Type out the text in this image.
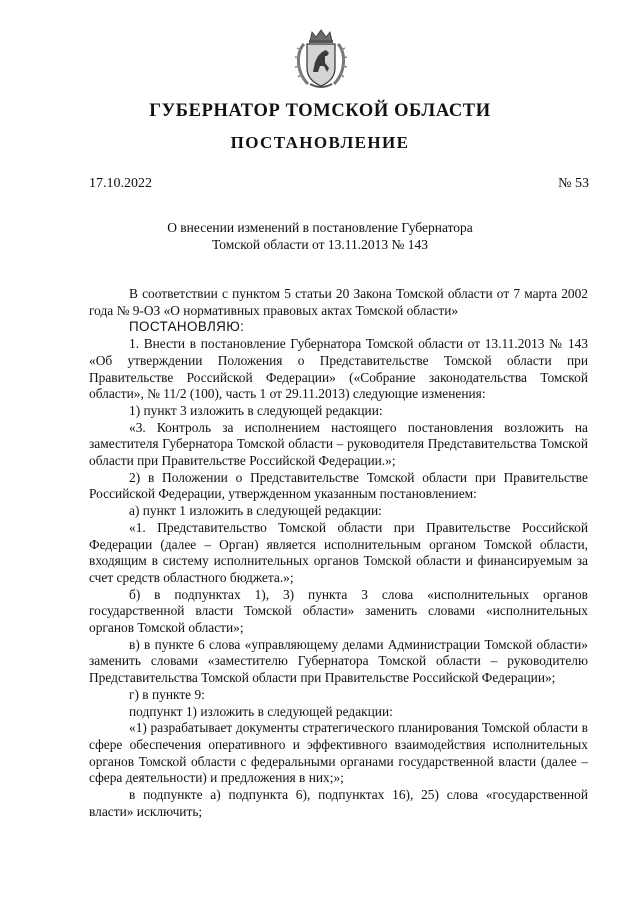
ГУБЕРНАТОР ТОМСКОЙ ОБЛАСТИ
ПОСТАНОВЛЕНИЕ
17.10.2022	№ 53
О внесении изменений в постановление Губернатора
Томской области от 13.11.2013 № 143

В соответствии с пунктом 5 статьи 20 Закона Томской области от 7 марта 2002 года № 9-ОЗ «О нормативных правовых актах Томской области»

ПОСТАНОВЛЯЮ:

1. Внести в постановление Губернатора Томской области от 13.11.2013 № 143 «Об утверждении Положения о Представительстве Томской области при Правительстве Российской Федерации» («Собрание законодательства Томской области», № 11/2 (100), часть 1 от 29.11.2013) следующие изменения:

1) пункт 3 изложить в следующей редакции:

«3. Контроль за исполнением настоящего постановления возложить на заместителя Губернатора Томской области – руководителя Представительства Томской области при Правительстве Российской Федерации.»;

2) в Положении о Представительстве Томской области при Правительстве Российской Федерации, утвержденном указанным постановлением:

а) пункт 1 изложить в следующей редакции:

«1. Представительство Томской области при Правительстве Российской Федерации (далее – Орган) является исполнительным органом Томской области, входящим в систему исполнительных органов Томской области и финансируемым за счет средств областного бюджета.»;

б) в подпунктах 1), 3) пункта 3 слова «исполнительных органов государственной власти Томской области» заменить словами «исполнительных органов Томской области»;

в) в пункте 6 слова «управляющему делами Администрации Томской области» заменить словами «заместителю Губернатора Томской области – руководителю Представительства Томской области при Правительстве Российской Федерации»;

г) в пункте 9:

подпункт 1) изложить в следующей редакции:

«1) разрабатывает документы стратегического планирования Томской области в сфере обеспечения оперативного и эффективного взаимодействия исполнительных органов Томской области с федеральными органами государственной власти (далее – сфера деятельности) и предложения в них;»;

в подпункте а) подпункта 6), подпунктах 16), 25) слова «государственной власти» исключить;
